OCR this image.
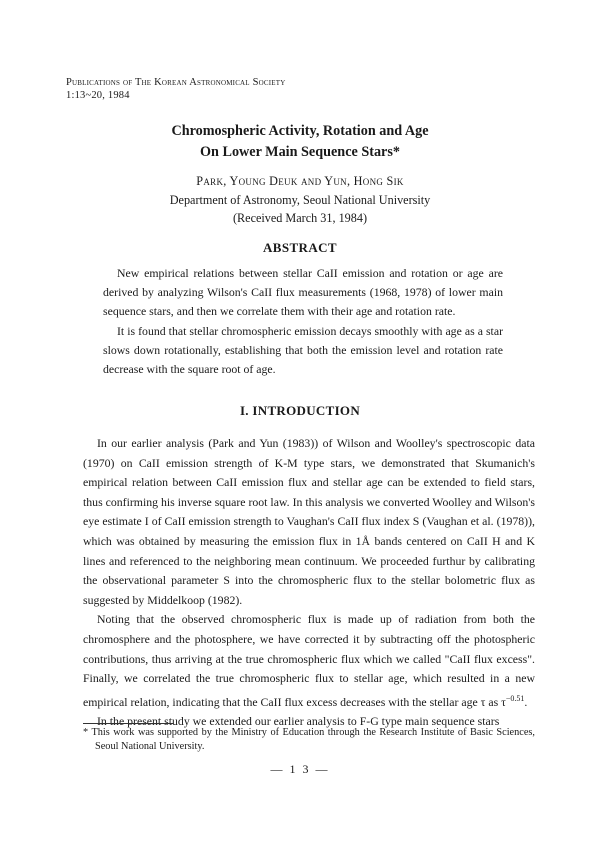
Publications of The Korean Astronomical Society
1:13~20, 1984
Chromospheric Activity, Rotation and Age
On Lower Main Sequence Stars*
Park, Young Deuk and Yun, Hong Sik
Department of Astronomy, Seoul National University
(Received March 31, 1984)
ABSTRACT

New empirical relations between stellar CaII emission and rotation or age are derived by analyzing Wilson's CaII flux measurements (1968, 1978) of lower main sequence stars, and then we correlate them with their age and rotation rate.

It is found that stellar chromospheric emission decays smoothly with age as a star slows down rotationally, establishing that both the emission level and rotation rate decrease with the square root of age.

I. INTRODUCTION

In our earlier analysis (Park and Yun (1983)) of Wilson and Woolley's spectroscopic data (1970) on CaII emission strength of K-M type stars, we demonstrated that Skumanich's empirical relation between CaII emission flux and stellar age can be extended to field stars, thus confirming his inverse square root law. In this analysis we converted Woolley and Wilson's eye estimate I of CaII emission strength to Vaughan's CaII flux index S (Vaughan et al. (1978)), which was obtained by measuring the emission flux in 1Å bands centered on CaII H and K lines and referenced to the neighboring mean continuum. We proceeded furthur by calibrating the observational parameter S into the chromospheric flux to the stellar bolometric flux as suggested by Middelkoop (1982).

Noting that the observed chromospheric flux is made up of radiation from both the chromosphere and the photosphere, we have corrected it by subtracting off the photospheric contributions, thus arriving at the true chromospheric flux which we called "CaII flux excess". Finally, we correlated the true chromospheric flux to stellar age, which resulted in a new empirical relation, indicating that the CaII flux excess decreases with the stellar age τ as $\tau^{-0.51}$.

In the present study we extended our earlier analysis to F-G type main sequence stars

* This work was supported by the Ministry of Education through the Research Institute of Basic Sciences, Seoul National University.
— 1 3 —
